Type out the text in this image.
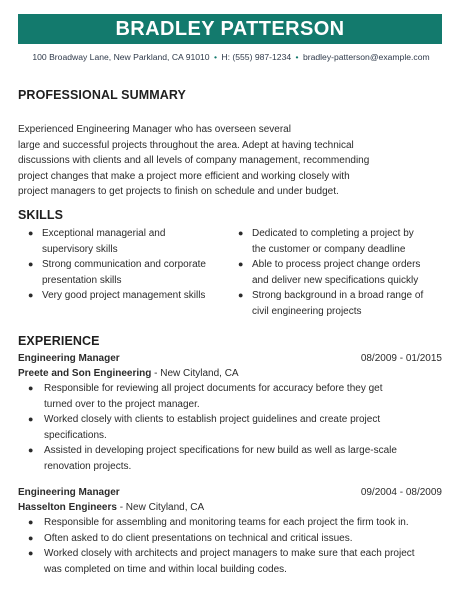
BRADLEY PATTERSON
100 Broadway Lane, New Parkland, CA 91010 • H: (555) 987-1234 • bradley-patterson@example.com
PROFESSIONAL SUMMARY
Experienced Engineering Manager who has overseen several
large and successful projects throughout the area. Adept at having technical
discussions with clients and all levels of company management, recommending
project changes that make a project more efficient and working closely with
project managers to get projects to finish on schedule and under budget.
SKILLS
● Exceptional managerial and
supervisory skills
● Strong communication and corporate
presentation skills
● Very good project management skills
● Dedicated to completing a project by
the customer or company deadline
● Able to process project change orders
and deliver new specifications quickly
● Strong background in a broad range of
civil engineering projects
EXPERIENCE
Engineering Manager	08/2009 - 01/2015
Preete and Son Engineering - New Cityland, CA
● Responsible for reviewing all project documents for accuracy before they get
turned over to the project manager.
● Worked closely with clients to establish project guidelines and create project
specifications.
● Assisted in developing project specifications for new build as well as large-scale
renovation projects.
Engineering Manager	09/2004 - 08/2009
Hasselton Engineers - New Cityland, CA
● Responsible for assembling and monitoring teams for each project the firm took in.
● Often asked to do client presentations on technical and critical issues.
● Worked closely with architects and project managers to make sure that each project
was completed on time and within local building codes.
